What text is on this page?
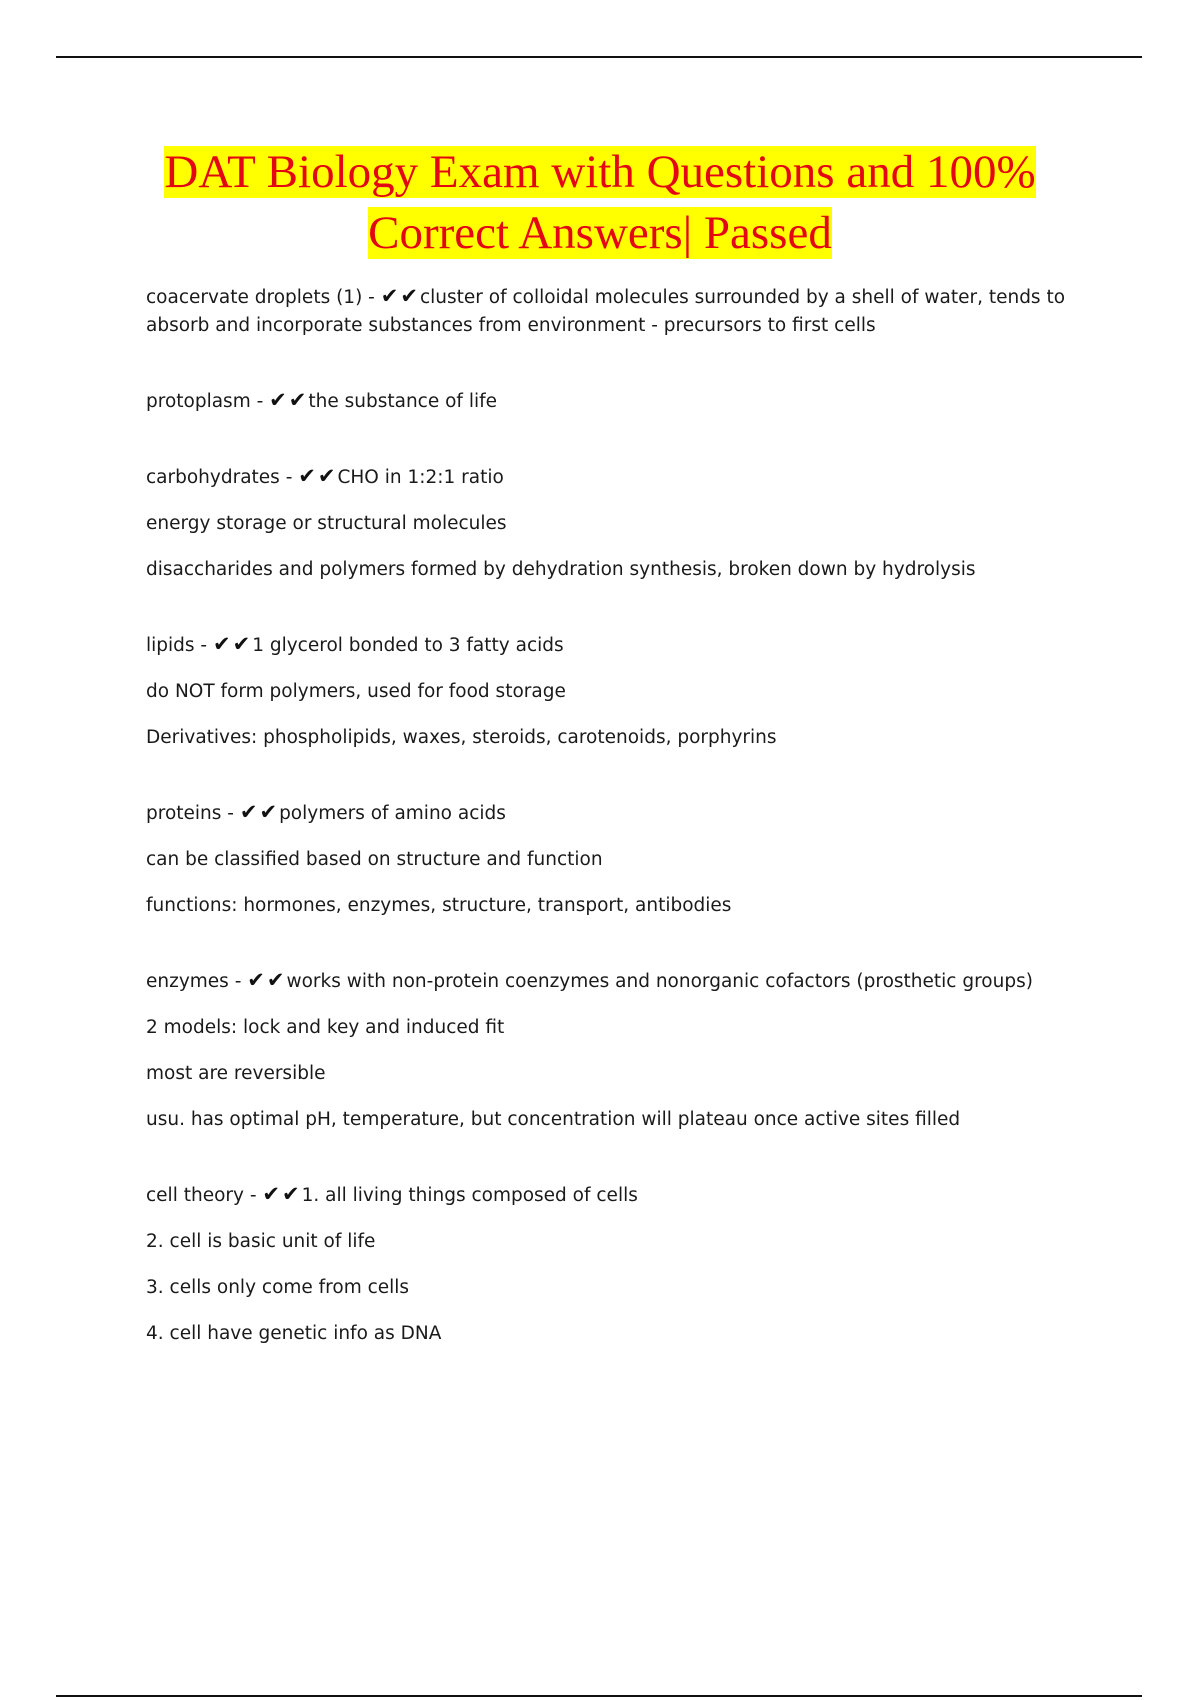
DAT Biology Exam with Questions and 100% Correct Answers| Passed

coacervate droplets (1) - ✔✔ cluster of colloidal molecules surrounded by a shell of water, tends to absorb and incorporate substances from environment - precursors to first cells

protoplasm - ✔✔ the substance of life

carbohydrates - ✔✔ CHO in 1:2:1 ratio

energy storage or structural molecules

disaccharides and polymers formed by dehydration synthesis, broken down by hydrolysis

lipids - ✔✔ 1 glycerol bonded to 3 fatty acids

do NOT form polymers, used for food storage

Derivatives: phospholipids, waxes, steroids, carotenoids, porphyrins

proteins - ✔✔ polymers of amino acids

can be classified based on structure and function

functions: hormones, enzymes, structure, transport, antibodies

enzymes - ✔✔ works with non-protein coenzymes and nonorganic cofactors (prosthetic groups)

2 models: lock and key and induced fit

most are reversible

usu. has optimal pH, temperature, but concentration will plateau once active sites filled

cell theory - ✔✔ 1. all living things composed of cells

2. cell is basic unit of life

3. cells only come from cells

4. cell have genetic info as DNA
